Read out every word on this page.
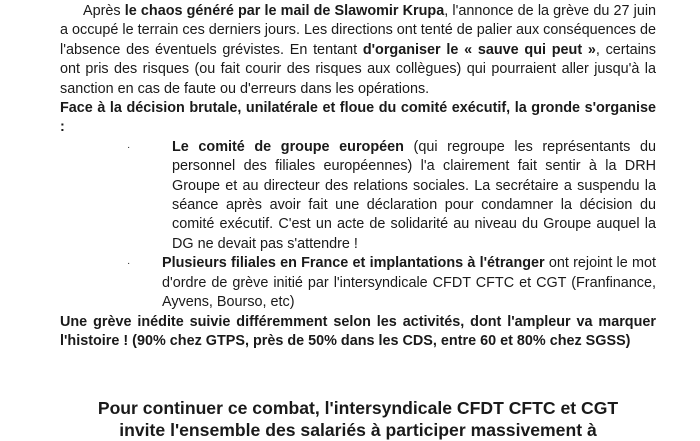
Après le chaos généré par le mail de Slawomir Krupa, l'annonce de la grève du 27 juin a occupé le terrain ces derniers jours. Les directions ont tenté de palier aux conséquences de l'absence des éventuels grévistes. En tentant d'organiser le « sauve qui peut », certains ont pris des risques (ou fait courir des risques aux collègues) qui pourraient aller jusqu'à la sanction en cas de faute ou d'erreurs dans les opérations.

Face à la décision brutale, unilatérale et floue du comité exécutif, la gronde s'organise :

·	Le comité de groupe européen (qui regroupe les représentants du personnel des filiales européennes) l'a clairement fait sentir à la DRH Groupe et au directeur des relations sociales. La secrétaire a suspendu la séance après avoir fait une déclaration pour condamner la décision du comité exécutif. C'est un acte de solidarité au niveau du Groupe auquel la DG ne devait pas s'attendre !
·	Plusieurs filiales en France et implantations à l'étranger ont rejoint le mot d'ordre de grève initié par l'intersyndicale CFDT CFTC et CGT (Franfinance, Ayvens, Bourso, etc)

Une grève inédite suivie différemment selon les activités, dont l'ampleur va marquer l'histoire ! (90% chez GTPS, près de 50% dans les CDS, entre 60 et 80% chez SGSS)

Pour continuer ce combat, l'intersyndicale CFDT CFTC et CGT
invite l'ensemble des salariés à participer massivement à
